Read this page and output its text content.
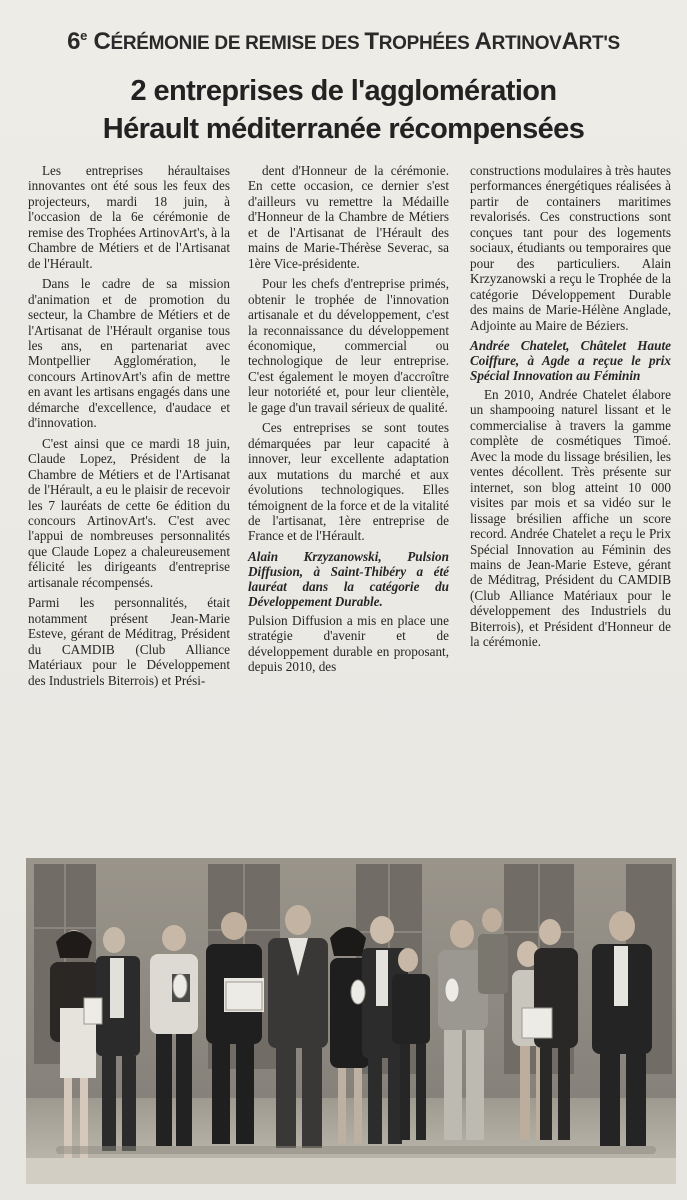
6e CÉRÉMONIE DE REMISE DES TROPHÉES ARTINOVART'S
2 entreprises de l'agglomération
Hérault méditerranée récompensées

Les entreprises héraultaises innovantes ont été sous les feux des projecteurs, mardi 18 juin, à l'occasion de la 6e cérémonie de remise des Trophées ArtinovArt's, à la Chambre de Métiers et de l'Artisanat de l'Hérault.

Dans le cadre de sa mission d'animation et de promotion du secteur, la Chambre de Métiers et de l'Artisanat de l'Hérault organise tous les ans, en partenariat avec Montpellier Agglomération, le concours ArtinovArt's afin de mettre en avant les artisans engagés dans une démarche d'excellence, d'audace et d'innovation.

C'est ainsi que ce mardi 18 juin, Claude Lopez, Président de la Chambre de Métiers et de l'Artisanat de l'Hérault, a eu le plaisir de recevoir les 7 lauréats de cette 6e édition du concours ArtinovArt's. C'est avec l'appui de nombreuses personnalités que Claude Lopez a chaleureusement félicité les dirigeants d'entreprise artisanale récompensés.

Parmi les personnalités, était notamment présent Jean-Marie Esteve, gérant de Méditrag, Président du CAMDIB (Club Alliance Matériaux pour le Développement des Industriels Biterrois) et Prési-

dent d'Honneur de la cérémonie. En cette occasion, ce dernier s'est d'ailleurs vu remettre la Médaille d'Honneur de la Chambre de Métiers et de l'Artisanat de l'Hérault des mains de Marie-Thérèse Severac, sa 1ère Vice-présidente.

Pour les chefs d'entreprise primés, obtenir le trophée de l'innovation artisanale et du développement, c'est la reconnaissance du développement économique, commercial ou technologique de leur entreprise. C'est également le moyen d'accroître leur notoriété et, pour leur clientèle, le gage d'un travail sérieux de qualité.

Ces entreprises se sont toutes démarquées par leur capacité à innover, leur excellente adaptation aux mutations du marché et aux évolutions technologiques. Elles témoignent de la force et de la vitalité de l'artisanat, 1ère entreprise de France et de l'Hérault.

Alain Krzyzanowski, Pulsion Diffusion, à Saint-Thibéry a été lauréat dans la catégorie du Développement Durable.

Pulsion Diffusion a mis en place une stratégie d'avenir et de développement durable en proposant, depuis 2010, des

constructions modulaires à très hautes performances énergétiques réalisées à partir de containers maritimes revalorisés. Ces constructions sont conçues tant pour des logements sociaux, étudiants ou temporaires que pour des particuliers. Alain Krzyzanowski a reçu le Trophée de la catégorie Développement Durable des mains de Marie-Hélène Anglade, Adjointe au Maire de Béziers.

Andrée Chatelet, Châtelet Haute Coiffure, à Agde a reçue le prix Spécial Innovation au Féminin

En 2010, Andrée Chatelet élabore un shampooing naturel lissant et le commercialise à travers la gamme complète de cosmétiques Timoé. Avec la mode du lissage brésilien, les ventes décollent. Très présente sur internet, son blog atteint 10 000 visites par mois et sa vidéo sur le lissage brésilien affiche un score record. Andrée Chatelet a reçu le Prix Spécial Innovation au Féminin des mains de Jean-Marie Esteve, gérant de Méditrag, Président du CAMDIB (Club Alliance Matériaux pour le développement des Industriels du Biterrois), et Président d'Honneur de la cérémonie.
